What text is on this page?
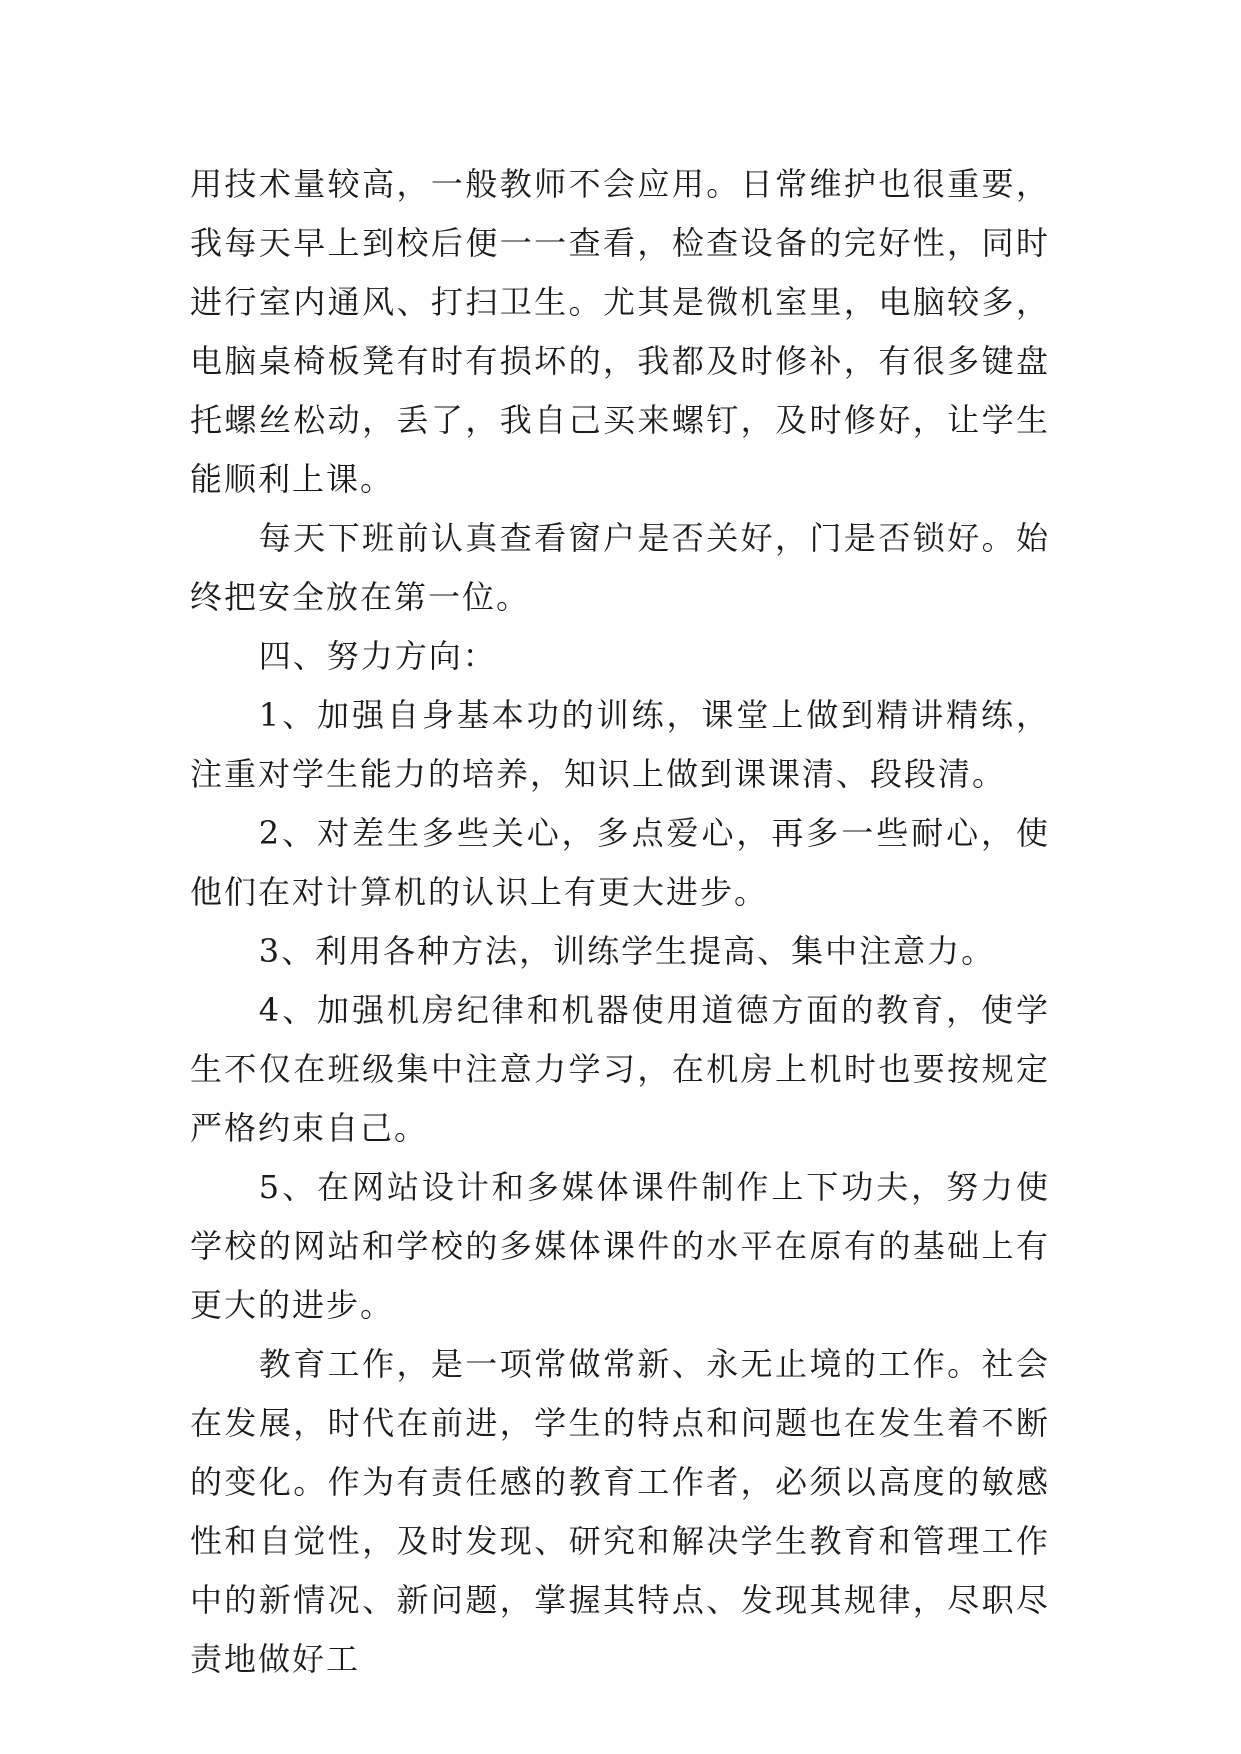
用技术量较高，一般教师不会应用。日常维护也很重要，我每天早上到校后便一一查看，检查设备的完好性，同时进行室内通风、打扫卫生。尤其是微机室里，电脑较多，电脑桌椅板凳有时有损坏的，我都及时修补，有很多键盘托螺丝松动，丢了，我自己买来螺钉，及时修好，让学生能顺利上课。

每天下班前认真查看窗户是否关好，门是否锁好。始终把安全放在第一位。

四、努力方向：

1、加强自身基本功的训练，课堂上做到精讲精练，注重对学生能力的培养，知识上做到课课清、段段清。

2、对差生多些关心，多点爱心，再多一些耐心，使他们在对计算机的认识上有更大进步。

3、利用各种方法，训练学生提高、集中注意力。

4、加强机房纪律和机器使用道德方面的教育，使学生不仅在班级集中注意力学习，在机房上机时也要按规定严格约束自己。

5、在网站设计和多媒体课件制作上下功夫，努力使学校的网站和学校的多媒体课件的水平在原有的基础上有更大的进步。

教育工作，是一项常做常新、永无止境的工作。社会在发展，时代在前进，学生的特点和问题也在发生着不断的变化。作为有责任感的教育工作者，必须以高度的敏感性和自觉性，及时发现、研究和解决学生教育和管理工作中的新情况、新问题，掌握其特点、发现其规律，尽职尽责地做好工
